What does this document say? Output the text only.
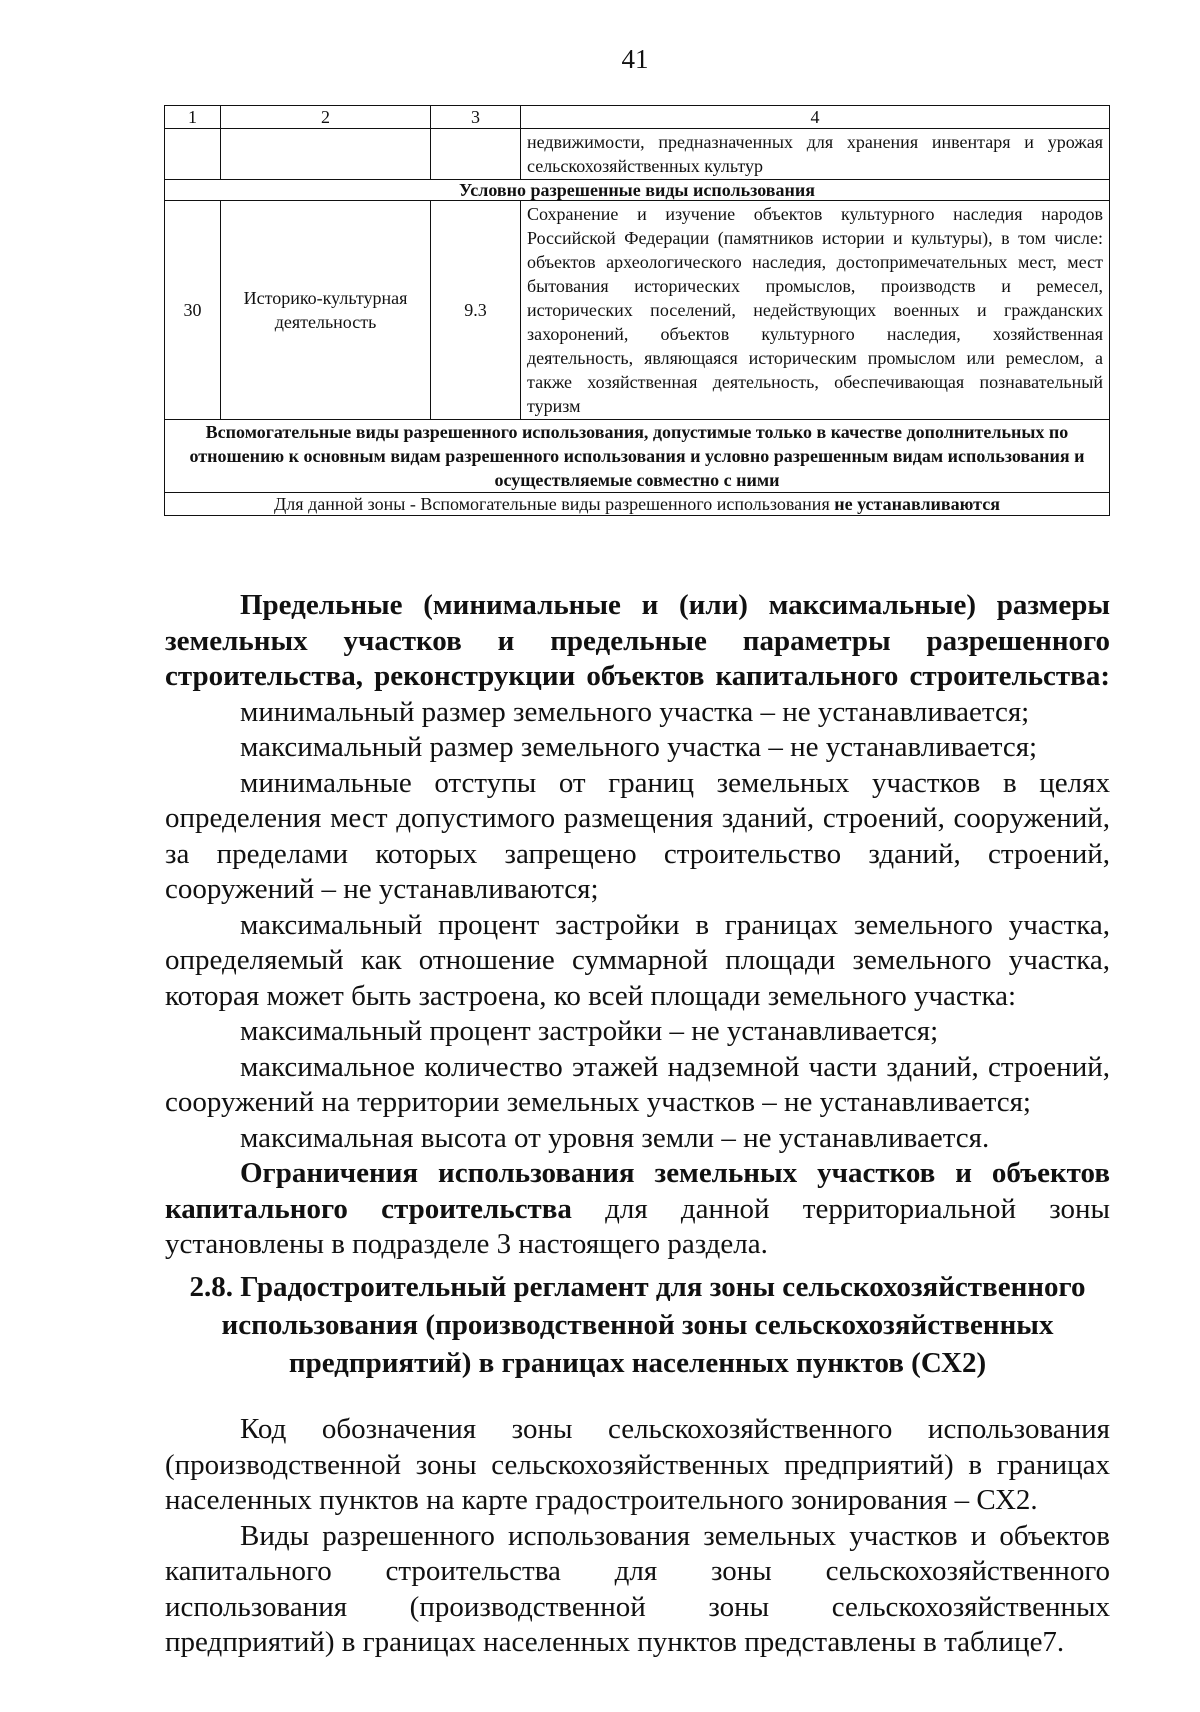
41
1	2	3	4
			недвижимости, предназначенных для хранения инвентаря и урожая сельскохозяйственных культур
Условно разрешенные виды использования			
30	Историко-культурная деятельность	9.3	Сохранение и изучение объектов культурного наследия народов Российской Федерации (памятников истории и культуры), в том числе: объектов археологического наследия, достопримечательных мест, мест бытования исторических промыслов, производств и ремесел, исторических поселений, недействующих военных и гражданских захоронений, объектов культурного наследия, хозяйственная деятельность, являющаяся историческим промыслом или ремеслом, а также хозяйственная деятельность, обеспечивающая познавательный туризм
Вспомогательные виды разрешенного использования, допустимые только в качестве дополнительных по отношению к основным видам разрешенного использования и условно разрешенным видам использования и осуществляемые совместно с ними			
Для данной зоны - Вспомогательные виды разрешенного использования не устанавливаются			

Предельные (минимальные и (или) максимальные) размеры земельных участков и предельные параметры разрешенного строительства, реконструкции объектов капитального строительства:

минимальный размер земельного участка – не устанавливается;

максимальный размер земельного участка – не устанавливается;

минимальные отступы от границ земельных участков в целях определения мест допустимого размещения зданий, строений, сооружений, за пределами которых запрещено строительство зданий, строений, сооружений – не устанавливаются;

максимальный процент застройки в границах земельного участка, определяемый как отношение суммарной площади земельного участка, которая может быть застроена, ко всей площади земельного участка:

максимальный процент застройки – не устанавливается;

максимальное количество этажей надземной части зданий, строений, сооружений на территории земельных участков – не устанавливается;

максимальная высота от уровня земли – не устанавливается.

Ограничения использования земельных участков и объектов капитального строительства для данной территориальной зоны установлены в подразделе 3 настоящего раздела.

2.8. Градостроительный регламент для зоны сельскохозяйственного использования (производственной зоны сельскохозяйственных предприятий) в границах населенных пунктов (СХ2)

Код обозначения зоны сельскохозяйственного использования (производственной зоны сельскохозяйственных предприятий) в границах населенных пунктов на карте градостроительного зонирования – СХ2.

Виды разрешенного использования земельных участков и объектов капитального строительства для зоны сельскохозяйственного использования (производственной зоны сельскохозяйственных предприятий) в границах населенных пунктов представлены в таблице7.
